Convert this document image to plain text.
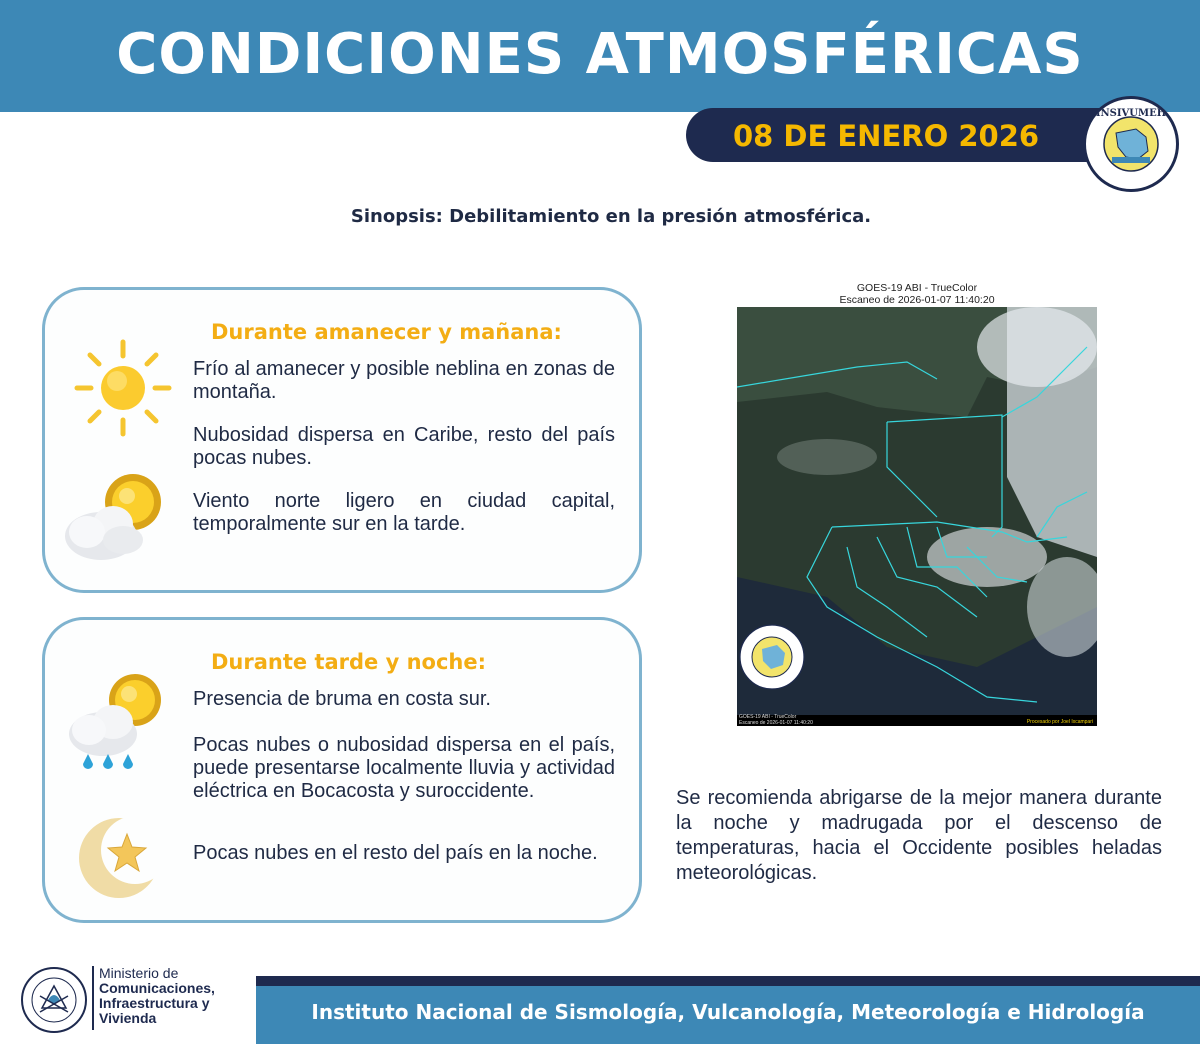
CONDICIONES ATMOSFÉRICAS
08 DE ENERO 2026
INSIVUMEH
Sinopsis: Debilitamiento en la presión atmosférica.
Durante amanecer y mañana:
Frío al amanecer y posible neblina en zonas de montaña.
Nubosidad dispersa en Caribe, resto del país pocas nubes.
Viento norte ligero en ciudad capital, temporalmente sur en la tarde.
Durante tarde y noche:
Presencia de bruma en costa sur.
Pocas nubes o nubosidad dispersa en el país, puede presentarse localmente lluvia y actividad eléctrica en Bocacosta y suroccidente.
Pocas nubes en el resto del país en la noche.
GOES-19 ABI - TrueColor
Escaneo de 2026-01-07 11:40:20
GOES-19 ABI - TrueColor
Escaneo de 2026-01-07 11:40:20	Procesado por Joel Ixcampari
Se recomienda abrigarse de la mejor manera durante la noche y madrugada por el descenso de temperaturas, hacia el Occidente posibles heladas meteorológicas.
Ministerio de
Comunicaciones,
Infraestructura y
Vivienda	Instituto Nacional de Sismología, Vulcanología, Meteorología e Hidrología
